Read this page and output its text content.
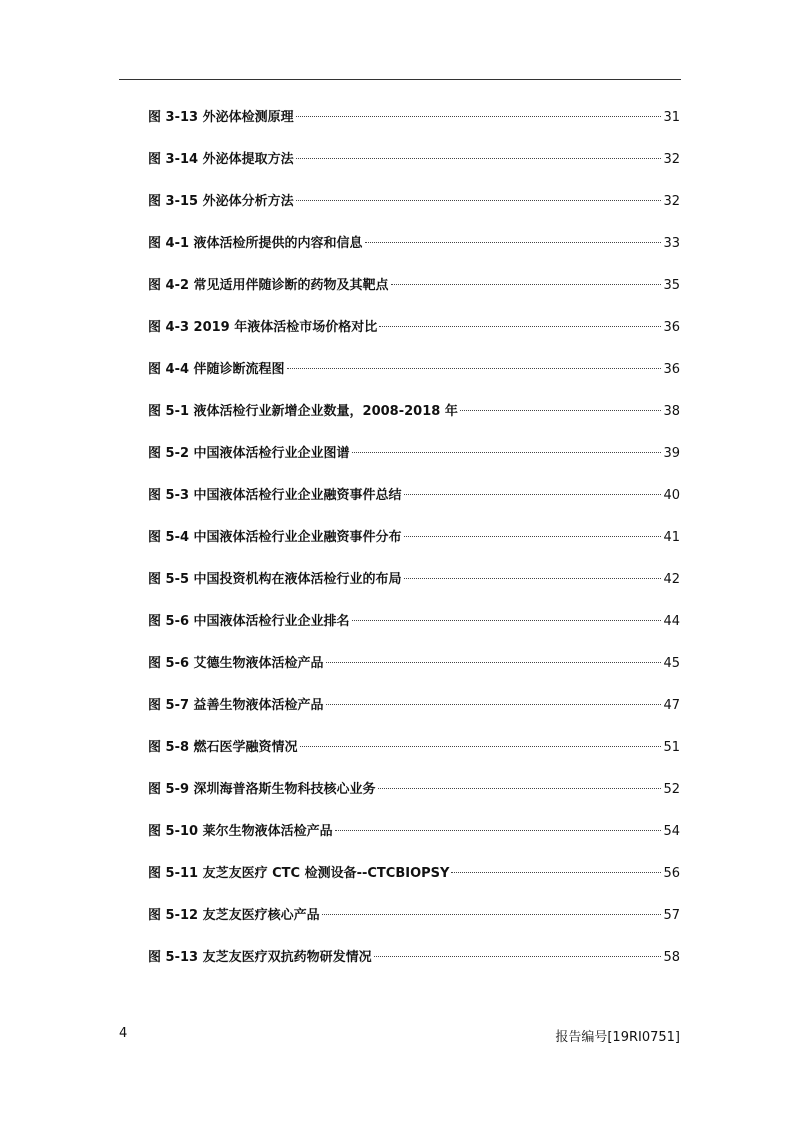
图 3-13 外泌体检测原理	31
图 3-14 外泌体提取方法	32
图 3-15 外泌体分析方法	32
图 4-1 液体活检所提供的内容和信息	33
图 4-2 常见适用伴随诊断的药物及其靶点	35
图 4-3 2019 年液体活检市场价格对比	36
图 4-4 伴随诊断流程图	36
图 5-1 液体活检行业新增企业数量，2008-2018 年	38
图 5-2 中国液体活检行业企业图谱	39
图 5-3 中国液体活检行业企业融资事件总结	40
图 5-4 中国液体活检行业企业融资事件分布	41
图 5-5 中国投资机构在液体活检行业的布局	42
图 5-6 中国液体活检行业企业排名	44
图 5-6 艾德生物液体活检产品	45
图 5-7 益善生物液体活检产品	47
图 5-8 燃石医学融资情况	51
图 5-9 深圳海普洛斯生物科技核心业务	52
图 5-10 莱尔生物液体活检产品	54
图 5-11 友芝友医疗 CTC 检测设备--CTCBIOPSY	56
图 5-12 友芝友医疗核心产品	57
图 5-13 友芝友医疗双抗药物研发情况	58
4	报告编号[19RI0751]
